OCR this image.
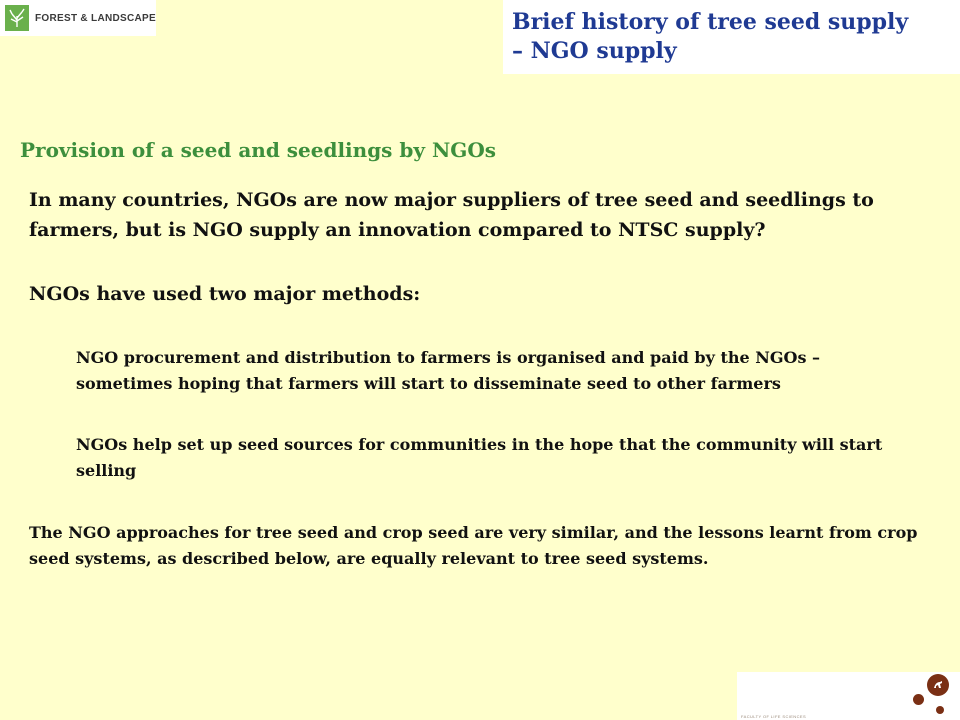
FOREST & LANDSCAPE	Brief history of tree seed supply
– NGO supply
Provision of a seed and seedlings by NGOs

In many countries, NGOs are now major suppliers of tree seed and seedlings to farmers, but is NGO supply an innovation compared to NTSC supply?

NGOs have used two major methods:

NGO procurement and distribution to farmers is organised and paid by the NGOs – sometimes hoping that farmers will start to disseminate seed to other farmers

NGOs help set up seed sources for communities in the hope that the community will start selling

The NGO approaches for tree seed and crop seed are very similar, and the lessons learnt from crop seed systems, as described below, are equally relevant to tree seed systems.

FACULTY OF LIFE SCIENCES
